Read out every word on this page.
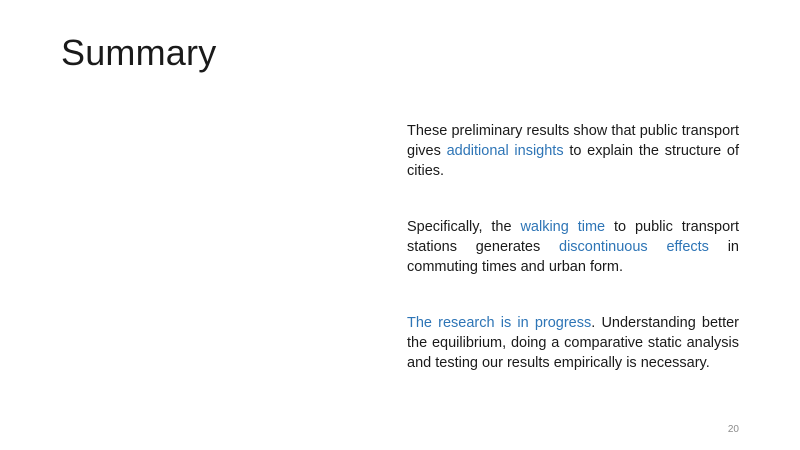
Summary

These preliminary results show that public transport gives additional insights to explain the structure of cities.

Specifically, the walking time to public transport stations generates discontinuous effects in commuting times and urban form.

The research is in progress. Understanding better the equilibrium, doing a comparative static analysis and testing our results empirically is necessary.

20
